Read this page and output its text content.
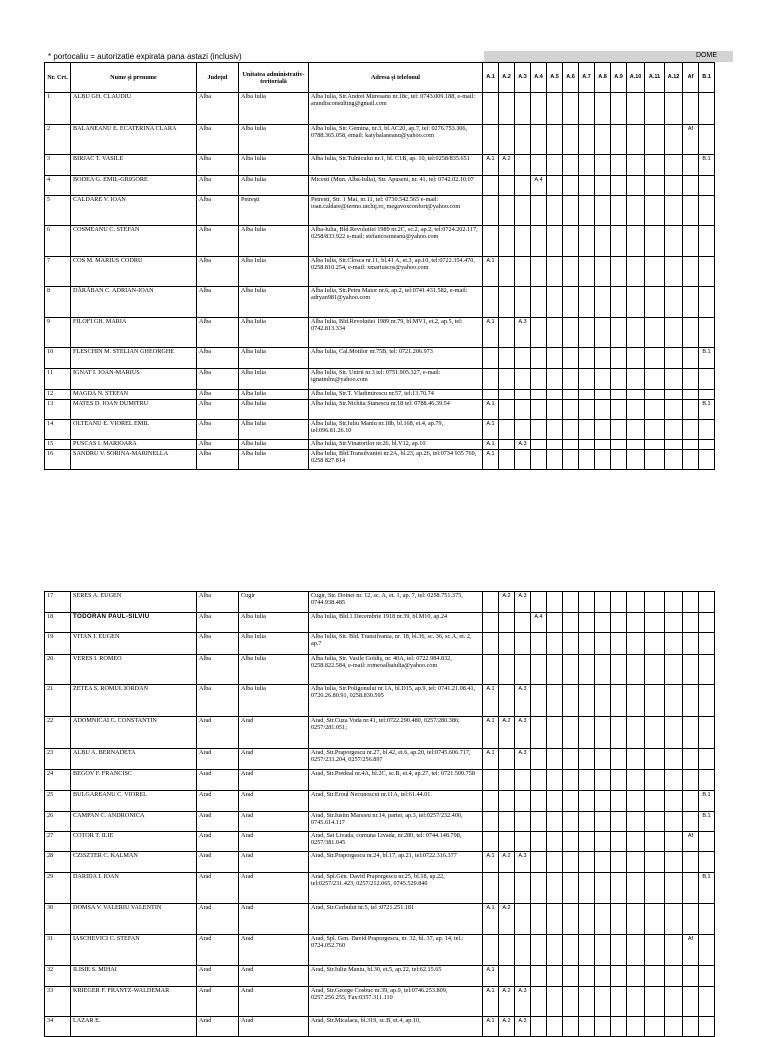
* portocaliu = autorizatie expirata pana astazi (inclusiv)	DOME
Nr. Crt.	Nume şi prenume	Judeţul	Unitatea administrativ-teritorială	Adresa şi telefonul	A.1	A.2	A.3	A.4	A.5	A.6	A.7	A.8	A.9	A.10	A.11	A.12	Af	B.1
1	ALBU GH. CLAUDIU	Alba	Alba Iulia	Alba Iulia, Str.Andrei Muresanu nr.18c, tel: 0743.009.188, e-mail: arandisconsulting@gmail.com														
2	BALANEANU E. ECATERINA CLARA	Alba	Alba Iulia	Alba Iulia, Str. Gemina, nr.3, bl.AC20, ap.7, tel: 0276.753.306, 0788.365.058, email: katybalaneanu@yahoo.com													Af	
3	BIRJAC T. VASILE	Alba	Alba Iulia	Alba Iulia, Str.Tulnicului nr.1, bl. C1B, ap. 10, tel:0258/835.651	A.1	A.2												B.1
4	BODEA G. EMIL-GRIGORE	Alba	Alba Iulia	Micesti (Mun. Alba-Iulia), Str. Apuseni, nr. 41, tel: 0742.02.10.07				A.4										
5	CALDARE V. IOAN	Alba	Petreşti	Petresti, Str. 1 Mai, nr.11, tel: 0730.542.565 e-mail: ioan.caldare@termo.utcluj.ro, megavoxconfort@yahoo.com														
6	COSMEANU C. STEFAN	Alba	Alba Iulia	Alba-Iulia, Bld.Revolutiei 1989 nr.2C, sc.2, ap.2, tel:0724.202.117, 0258/833.922 e-mail: stefancosmeanu@yahoo.com														
7	COS M. MARIUS CODRU	Alba	Alba Iulia	Alba Iulia, Str.Closca nr.11, bl.41 A, et.3, ap.10, tel:0722.354.470, 0258.810.254, e-mail: xmariuscos@yahoo.com	A.1													
8	DĂRĂBAN C. ADRIAN-IOAN	Alba	Alba Iulia	Alba Iulia, Str.Petru Maior nr.6, ap.2, tel:0741.431.582, e-mail: adryan981@yahoo.com														
9	FILOFI GH. MARIA	Alba	Alba Iulia	Alba Iulia, Bld.Revolutiei 1989 nr.79, bl.MV1, et.2, ap.5, tel: 0742.813.334	A.1		A.3											
10	FLESCHIN M. STELIAN GHEORGHE	Alba	Alba Iulia	Alba Iulia, Cal.Motilor nr.75B, tel: 0721.206.973														B.1
11	IGNAT I. IOAN-MARIUS	Alba	Alba Iulia	Alba Iulia, Str. Unirii nr.3 tel: 0751.905.327, e-mail: ignatmlm@yahoo.com														
12	MAGDA N. STEFAN	Alba	Alba Iulia	Alba Iulia, Str.T. Vladimirescu nr.57, tel:13.70.74														
13	MATES D. IOAN DUMITRU	Alba	Alba Iulia	Alba Iulia, Str.Nichita Stanescu nr.18 tel: 0788.46.39.54	A.1													B.1
14	OLTEANU E. VIOREL EMIL	Alba	Alba Iulia	Alba Iulia, Str.Iuliu Maniu nr.18b, bl.168, et.4, ap.79, tel:096.81.26.10	A.1													
15	PUSCAS I. MARIOARA	Alba	Alba Iulia	Alba Iulia, Str.Vinatorilor nr.26, bl.V12, ap.10	A.1		A.3											
16	SANDRU V. SORINA-MARINELLA	Alba	Alba Iulia	Alba Iulia, Bld.Transilvaniei nr.2A, bl.23, ap.26, tel:0734 935 769, 0258 827 814	A.1													
17	SERES A. EUGEN	Alba	Cugir	Cugir, Str. Doinei nr. 12, sc. A, et. 1, ap. 7, tel: 0258.751.375, 0744.938.485		A.2	A.3											
18	TODORAN PAUL-SILVIU	Alba	Alba Iulia	Alba Iulia, Bld.1 Decembrie 1918 nr.39, bl.M10, ap.24				A.4										
19	VITAN I. EUGEN	Alba	Alba Iulia	Alba Iulia, Str. Bld. Transilvania, nr. 18, bl.36, sc. 36, sc.A, et. 2, ap.7														
20	VERES I. ROMEO	Alba	Alba Iulia	Alba Iulia, Str. Vasile Goldiş, nr. 40A, tel: 0722.984.832, 0258.822.584, e-mail: romeoalbaiulia@yahoo.com														
21	ZETEA S. ROMUL IORDAN	Alba	Alba Iulia	Alba Iulia, Str.Poligonului nr.1A, bl.D15, ap.9, tel: 0741.21.08.41, 0726.26.80.91, 0258.830.595	A.1		A.3											
22	ADOMNICAI C. CONSTANTIN	Arad	Arad	Arad, Str.Cuza Voda nr.41, tel:0722.290.480, 0257/280.386; 0257/281.051;	A.1	A.2	A.3											
23	ALBU A. BERNADETA	Arad	Arad	Arad, Str.Praporgescu nr.27, bl.42, et.6, ap.20, tel:0745.606.717, 0257/233.204, 0257/256.897	A.1		A.3											
24	BEGOV F. FRANCISC	Arad	Arad	Arad, Str.Predeal nr.4A, bl.2C, sc.B, et.4, ap.27, tel: 0721.500.758														
25	BULGAREANU C. VIOREL	Arad	Arad	Arad, Str.Eroul Necunoscut nr.11A, tel:61.44.01.														B.1
26	CAMPAN C. ANDRONICA	Arad	Arad	Arad, Str.Iustin Marsieu nr.14, parter, ap.3, tel:0257/232.400, 0745.614.117														B.1
27	COTOR T. ILIE	Arad	Arad	Arad, Sat Livada, comuna Livada, nr.280, tel: 0744.148.798, 0257/381.045													Af	
28	CZISZTER C. KALMAN	Arad	Arad	Arad, Str.Praporgescu nr.24, bl.17, ap.21, tel:0722.316.377	A.1	A.2	A.3											
29	DARIDA I. IOAN	Arad	Arad	Arad, Spl.Gen. David Praporgescu nr.25, bl.18, ap.22, tel:0257/231.423, 0257/212.065, 0745.529.840														B.1
30	DOMSA V. VALERIU VALENTIN	Arad	Arad	Arad, Str.Cerbului nr.5, tel :0721.251.181	A.1	A.2												
31	IASCHEVICI C. STEFAN	Arad	Arad	Arad, Spl. Gen. David Praporgescu, nr. 32, bl. 37, ap. 14, tel.: 0724.052.760													Af	
32	ILISIE S. MIHAI	Arad	Arad	Arad, Str.Iuliu Maniu, bl.30, et.5, ap.22, tel:62.15.65	A.1													
33	KRIEGER F. FRANTZ-WALDEMAR	Arad	Arad	Arad, Str.George Cosbuc nr.39, ap.9, tel:0746.253.809, 0257.256.255, Fax:0357.311.110	A.1	A.2	A.3											
34	LAZAR E.	Arad	Arad	Arad, Str.Micalaca, bl.319, sc.B, et.4, ap.10,	A.1	A.2	A.3											
